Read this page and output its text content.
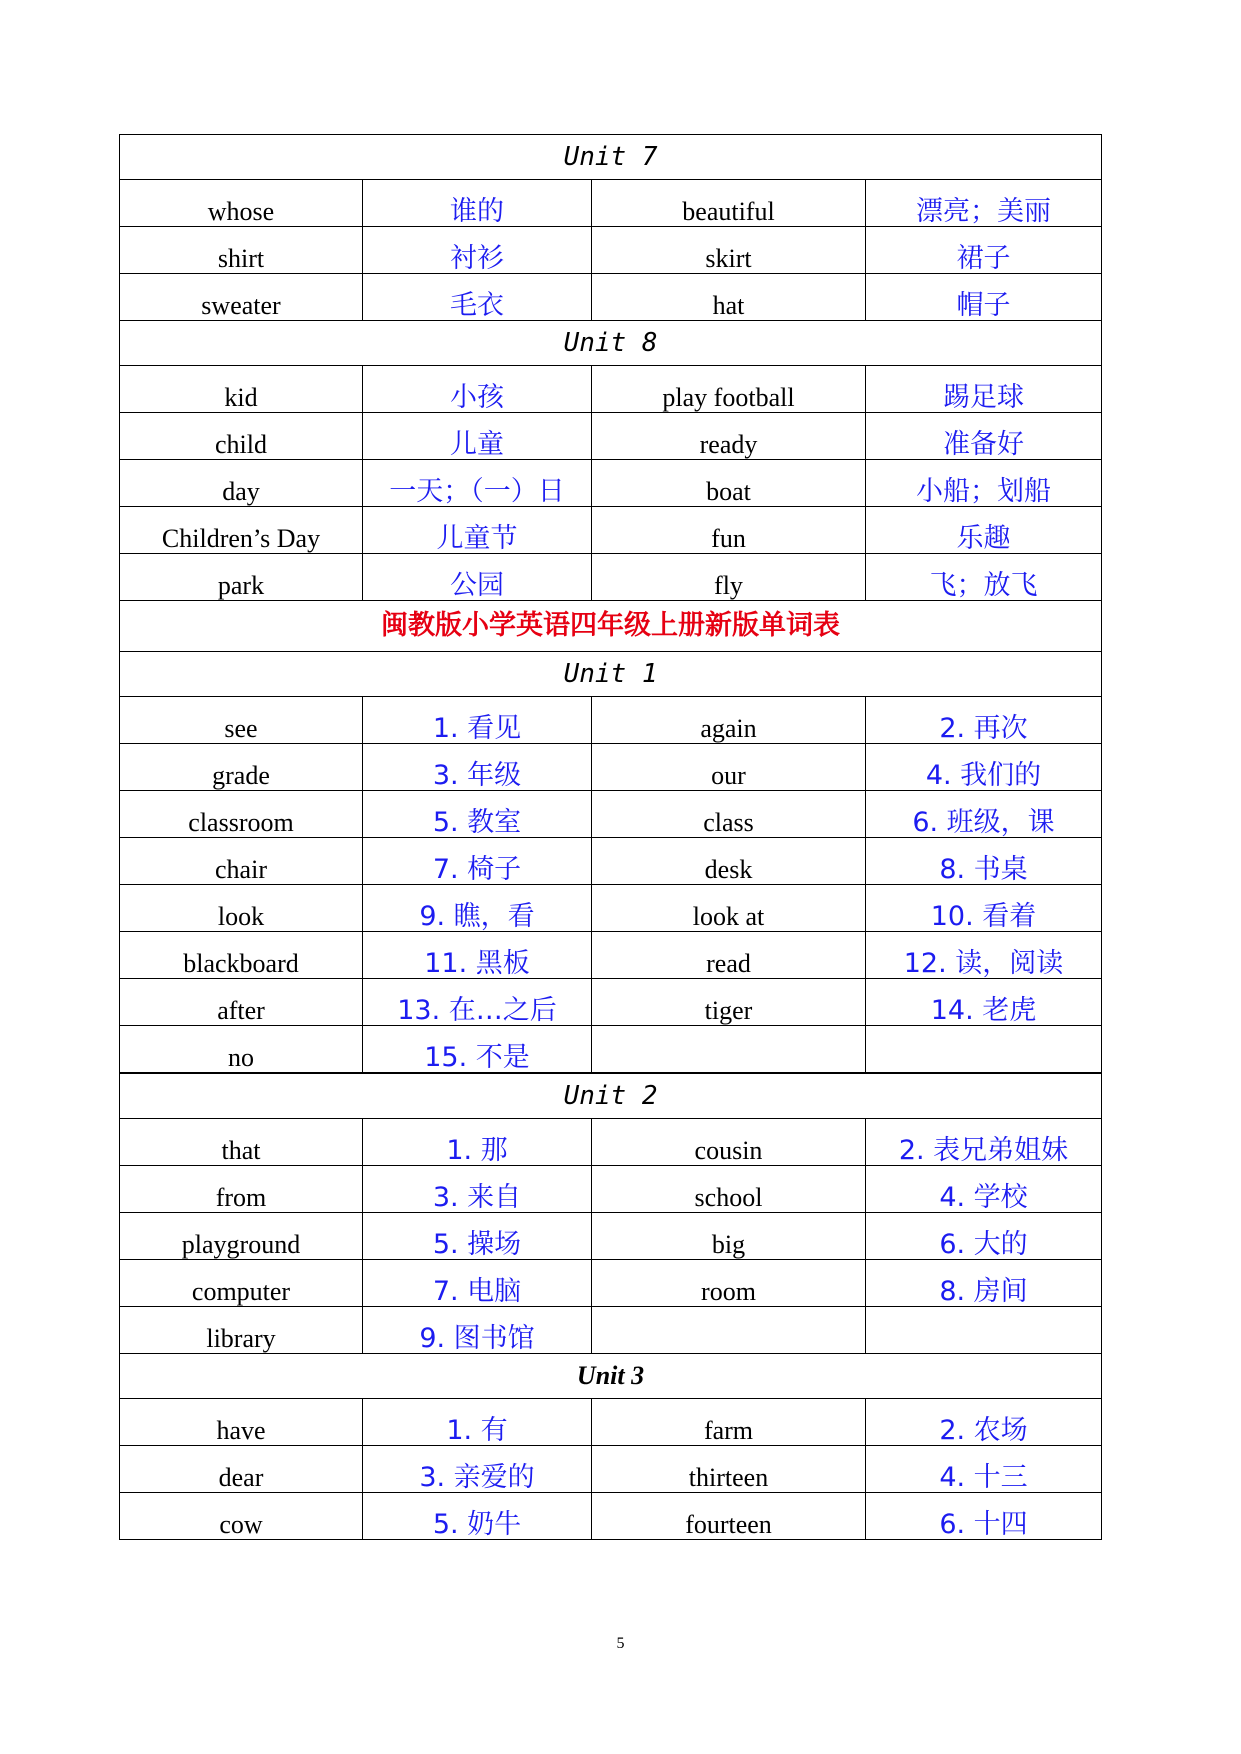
Unit 7			
whose	谁的	beautiful	漂亮；美丽
shirt	衬衫	skirt	裙子
sweater	毛衣	hat	帽子
Unit 8			
kid	小孩	play football	踢足球
child	儿童	ready	准备好
day	一天；（一）日	boat	小船；划船
Children’s Day	儿童节	fun	乐趣
park	公园	fly	飞；放飞
闽教版小学英语四年级上册新版单词表			
Unit 1			
see	1. 看见	again	2. 再次
grade	3. 年级	our	4. 我们的
classroom	5. 教室	class	6. 班级，课
chair	7. 椅子	desk	8. 书桌
look	9. 瞧，看	look at	10. 看着
blackboard	11. 黑板	read	12. 读，阅读
after	13. 在…之后	tiger	14. 老虎
no	15. 不是		
Unit 2			
that	1. 那	cousin	2. 表兄弟姐妹
from	3. 来自	school	4. 学校
playground	5. 操场	big	6. 大的
computer	7. 电脑	room	8. 房间
library	9. 图书馆		
Unit 3			
have	1. 有	farm	2. 农场
dear	3. 亲爱的	thirteen	4. 十三
cow	5. 奶牛	fourteen	6. 十四
5
